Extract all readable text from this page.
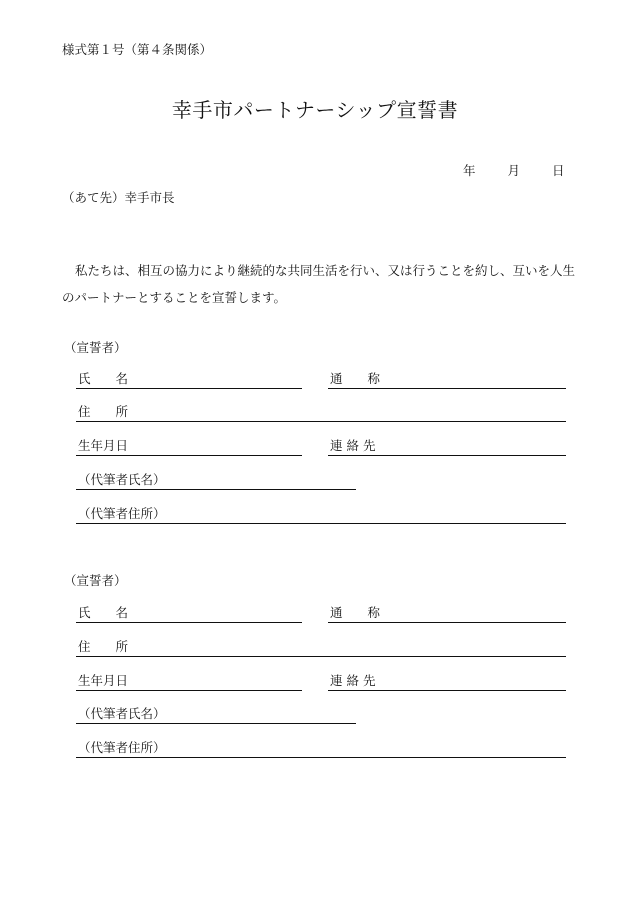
様式第１号（第４条関係）
幸手市パートナーシップ宣誓書
年	月	日
（あて先）幸手市長
私たちは、相互の協力により継続的な共同生活を行い、又は行うことを約し、互いを人生のパートナーとすることを宣誓します。
（宣誓者）
氏　　名	通　　称
住　　所
生年月日	連 絡 先
（代筆者氏名）
（代筆者住所）
（宣誓者）
氏　　名	通　　称
住　　所
生年月日	連 絡 先
（代筆者氏名）
（代筆者住所）
